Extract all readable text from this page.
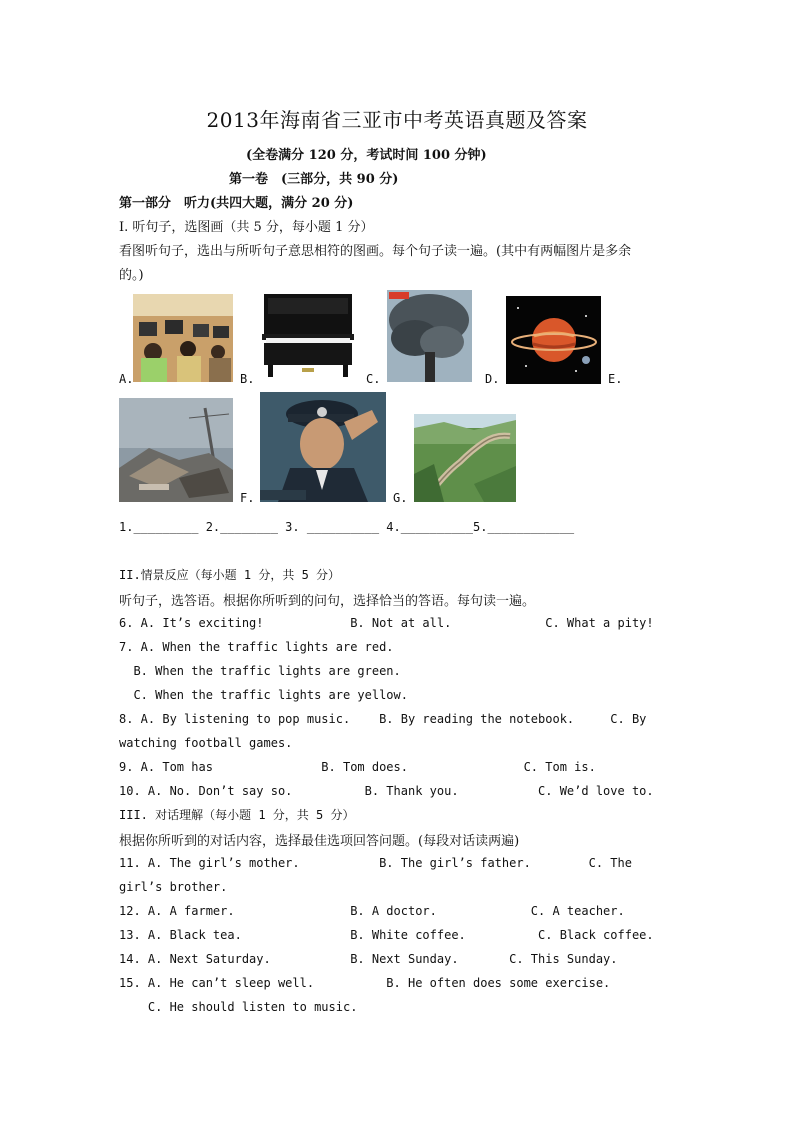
2013年海南省三亚市中考英语真题及答案
(全卷满分 120 分，考试时间 100 分钟)
第一卷　(三部分，共 90 分)
第一部分　听力(共四大题，满分 20 分)
I. 听句子，选图画（共 5 分，每小题 1 分）
看图听句子，选出与所听句子意思相符的图画。每个句子读一遍。(其中有两幅图片是多余
的。)
A.	B.	C.	D.	E.
F.	G.
1._________ 2.________ 3. __________ 4.__________5.____________
II.情景反应（每小题 1 分，共 5 分）
听句子，选答语。根据你所听到的问句，选择恰当的答语。每句读一遍。
6. A. It’s exciting!            B. Not at all.             C. What a pity!
7. A. When the traffic lights are red.
B. When the traffic lights are green.
C. When the traffic lights are yellow.
8. A. By listening to pop music.    B. By reading the notebook.     C. By
watching football games.
9. A. Tom has               B. Tom does.                C. Tom is.
10. A. No. Don’t say so.          B. Thank you.           C. We’d love to.
III. 对话理解（每小题 1 分，共 5 分）
根据你所听到的对话内容，选择最佳选项回答问题。(每段对话读两遍)
11. A. The girl’s mother.           B. The girl’s father.        C. The
girl’s brother.
12. A. A farmer.                B. A doctor.             C. A teacher.
13. A. Black tea.               B. White coffee.          C. Black coffee.
14. A. Next Saturday.           B. Next Sunday.       C. This Sunday.
15. A. He can’t sleep well.          B. He often does some exercise.
C. He should listen to music.
